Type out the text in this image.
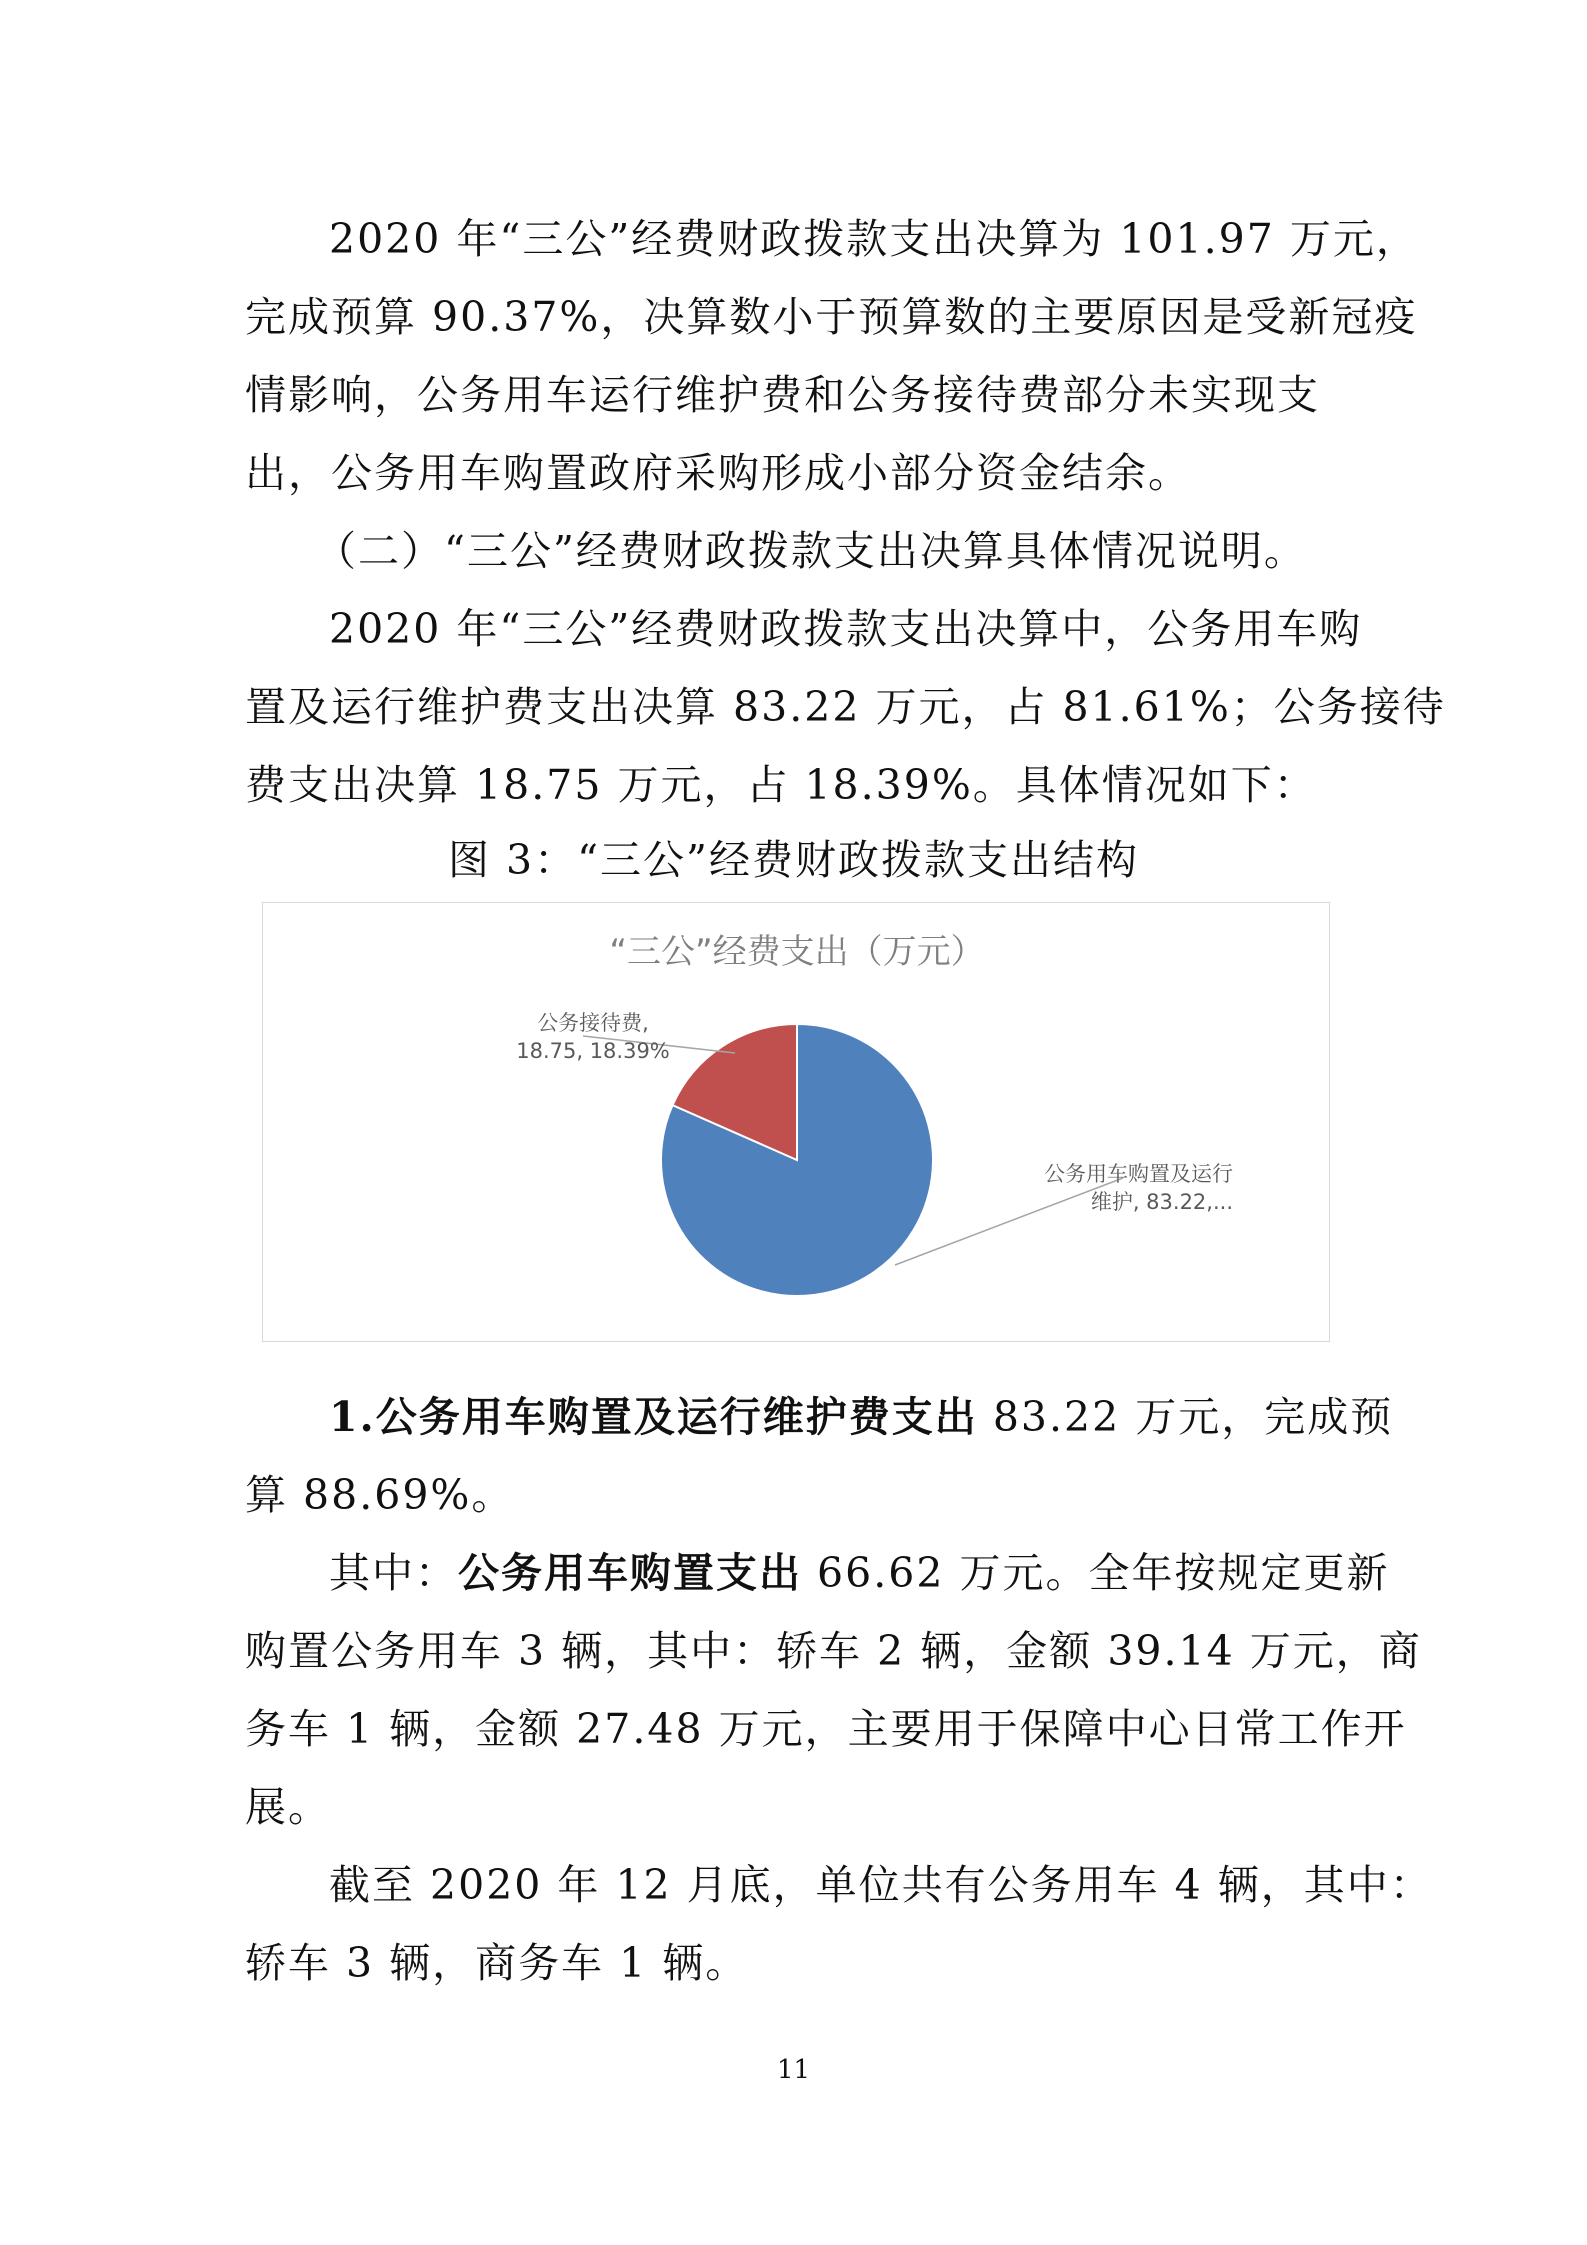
2020 年“三公”经费财政拨款支出决算为 101.97 万元，
完成预算 90.37%，决算数小于预算数的主要原因是受新冠疫
情影响，公务用车运行维护费和公务接待费部分未实现支
出，公务用车购置政府采购形成小部分资金结余。
（二）“三公”经费财政拨款支出决算具体情况说明。
2020 年“三公”经费财政拨款支出决算中，公务用车购
置及运行维护费支出决算 83.22 万元，占 81.61%；公务接待
费支出决算 18.75 万元，占 18.39%。具体情况如下：
图 3：“三公”经费财政拨款支出结构
“三公”经费支出（万元）
公务用车购置及运行
维护, 83.22,...
公务接待费,
18.75, 18.39%
1.公务用车购置及运行维护费支出 83.22 万元，完成预
算 88.69%。
其中：公务用车购置支出 66.62 万元。全年按规定更新
购置公务用车 3 辆，其中：轿车 2 辆，金额 39.14 万元，商
务车 1 辆，金额 27.48 万元，主要用于保障中心日常工作开
展。
截至 2020 年 12 月底，单位共有公务用车 4 辆，其中：
轿车 3 辆，商务车 1 辆。
11
